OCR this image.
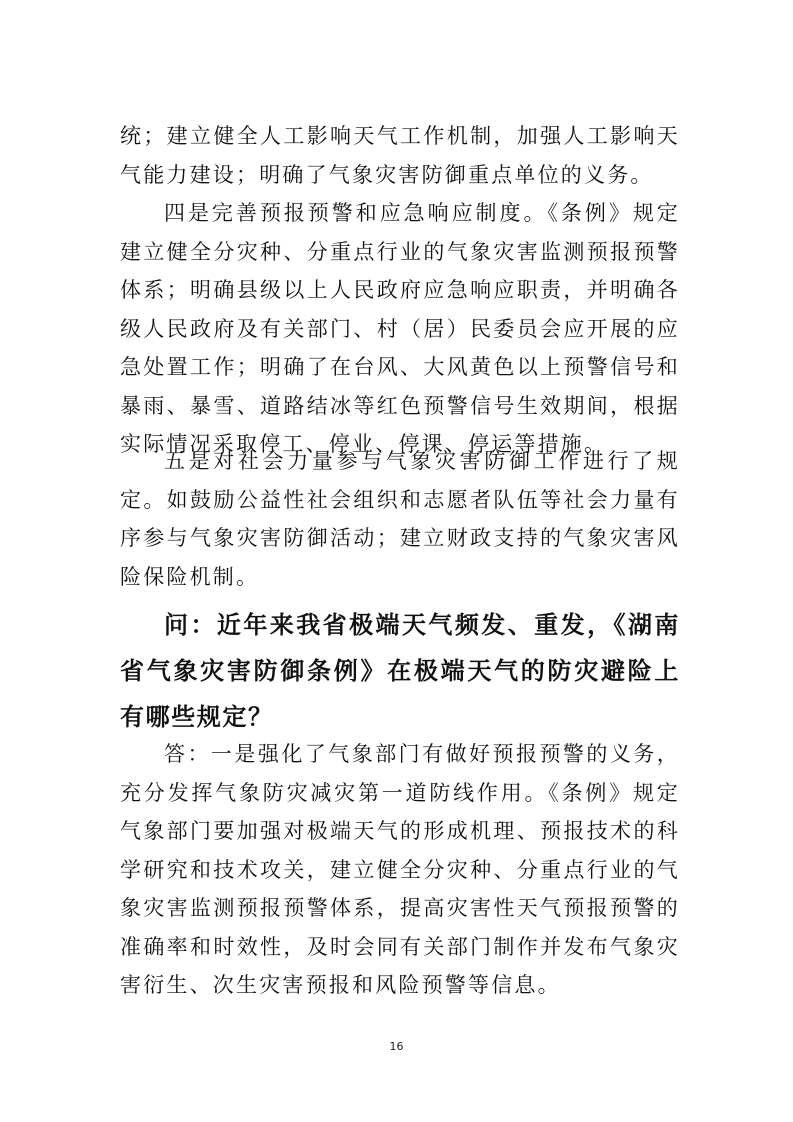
统；建立健全人工影响天气工作机制，加强人工影响天气能力建设；明确了气象灾害防御重点单位的义务。

四是完善预报预警和应急响应制度。《条例》规定建立健全分灾种、分重点行业的气象灾害监测预报预警体系；明确县级以上人民政府应急响应职责，并明确各级人民政府及有关部门、村（居）民委员会应开展的应急处置工作；明确了在台风、大风黄色以上预警信号和暴雨、暴雪、道路结冰等红色预警信号生效期间，根据实际情况采取停工、停业、停课、停运等措施。

五是对社会力量参与气象灾害防御工作进行了规定。如鼓励公益性社会组织和志愿者队伍等社会力量有序参与气象灾害防御活动；建立财政支持的气象灾害风险保险机制。

问：近年来我省极端天气频发、重发，《湖南省气象灾害防御条例》在极端天气的防灾避险上有哪些规定？

答：一是强化了气象部门有做好预报预警的义务，充分发挥气象防灾减灾第一道防线作用。《条例》规定气象部门要加强对极端天气的形成机理、预报技术的科学研究和技术攻关，建立健全分灾种、分重点行业的气象灾害监测预报预警体系，提高灾害性天气预报预警的准确率和时效性，及时会同有关部门制作并发布气象灾害衍生、次生灾害预报和风险预警等信息。

16
